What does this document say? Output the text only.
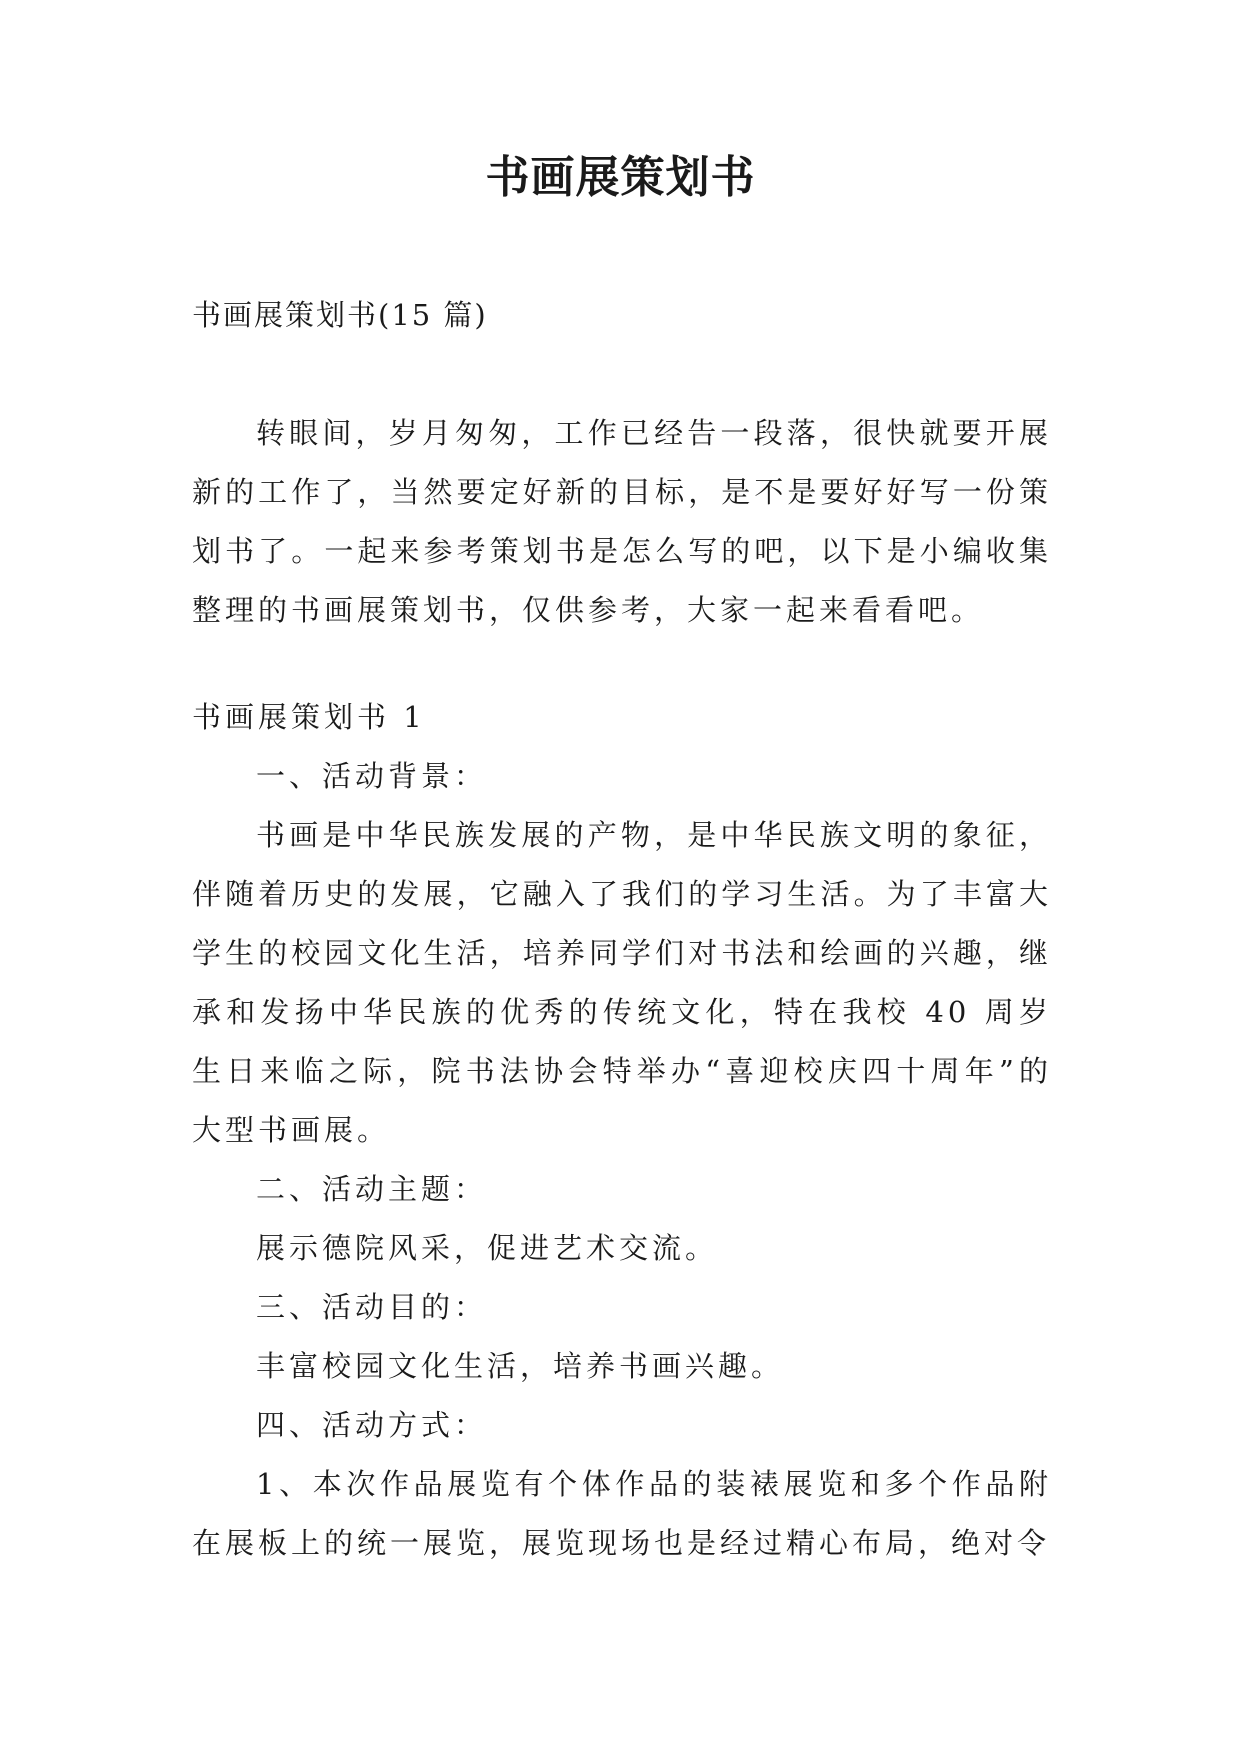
书画展策划书
书画展策划书(15 篇)

转眼间，岁月匆匆，工作已经告一段落，很快就要开展新的工作了，当然要定好新的目标，是不是要好好写一份策划书了。一起来参考策划书是怎么写的吧，以下是小编收集整理的书画展策划书，仅供参考，大家一起来看看吧。

书画展策划书 1

一、活动背景：

书画是中华民族发展的产物，是中华民族文明的象征，伴随着历史的发展，它融入了我们的学习生活。为了丰富大学生的校园文化生活，培养同学们对书法和绘画的兴趣，继承和发扬中华民族的优秀的传统文化，特在我校 40 周岁生日来临之际，院书法协会特举办“喜迎校庆四十周年”的大型书画展。

二、活动主题：

展示德院风采，促进艺术交流。

三、活动目的：

丰富校园文化生活，培养书画兴趣。

四、活动方式：

1、本次作品展览有个体作品的装裱展览和多个作品附在展板上的统一展览，展览现场也是经过精心布局，绝对令
